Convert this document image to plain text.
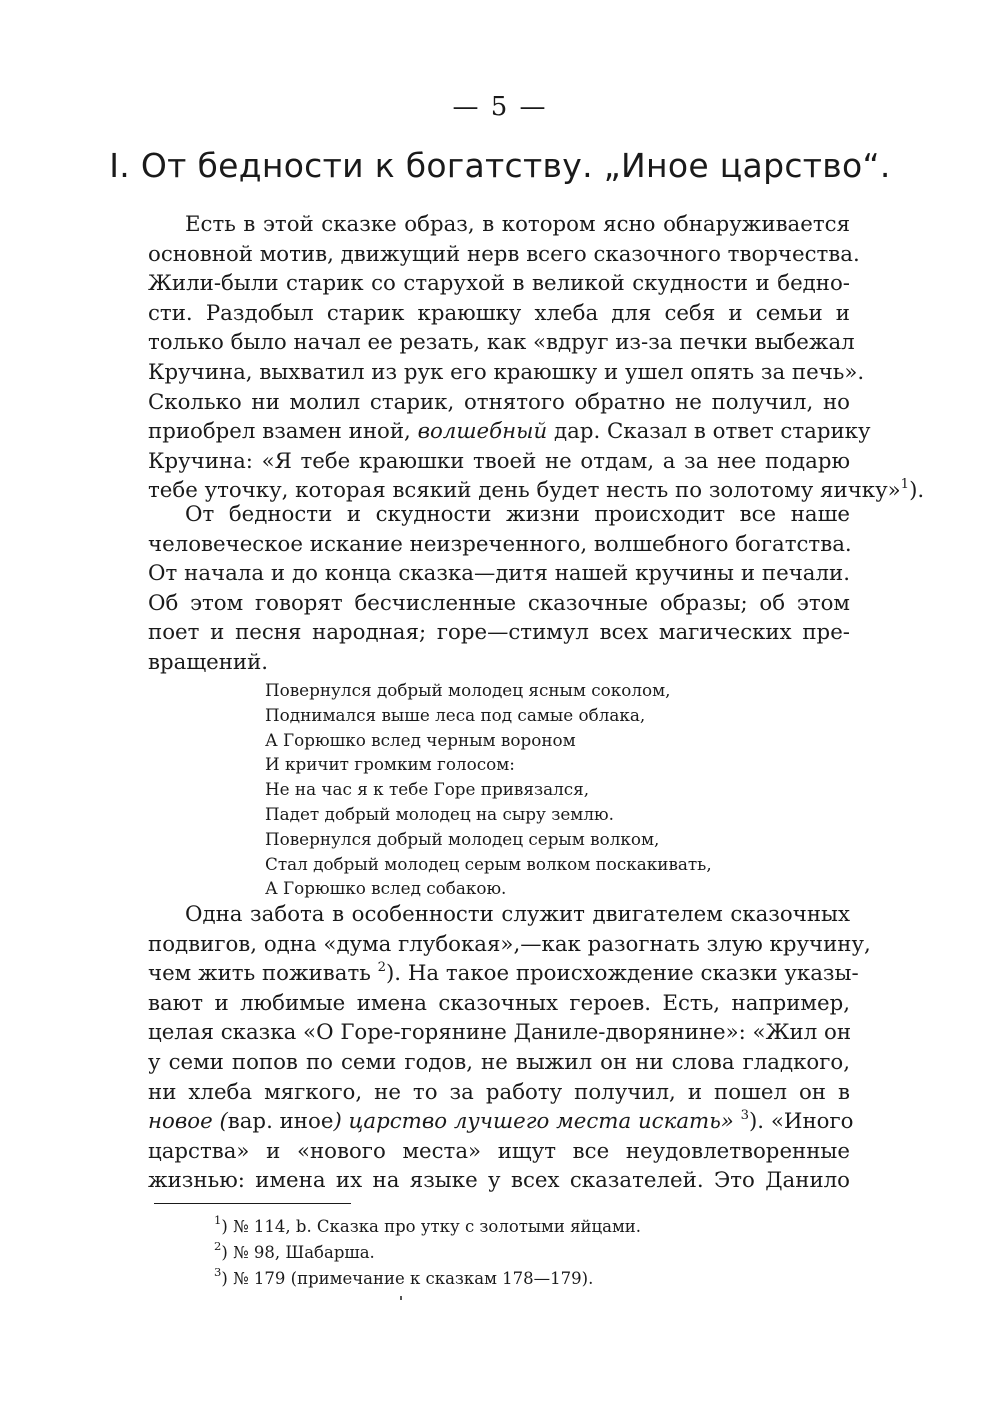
— 5 —
I. От бедности к богатству. „Иное царство“.
Есть в этой сказке образ, в котором ясно обнаруживается
основной мотив, движущий нерв всего сказочного творчества.
Жили-были старик со старухой в великой скудности и бедно-
сти. Раздобыл старик краюшку хлеба для себя и семьи и
только было начал ее резать, как «вдруг из-за печки выбежал
Кручина, выхватил из рук его краюшку и ушел опять за печь».
Сколько ни молил старик, отнятого обратно не получил, но
приобрел взамен иной, волшебный дар. Сказал в ответ старику
Кручина: «Я тебе краюшки твоей не отдам, а за нее подарю
тебе уточку, которая всякий день будет несть по золотому яичку»$^1$).
От бедности и скудности жизни происходит все наше
человеческое искание неизреченного, волшебного богатства.
От начала и до конца сказка—дитя нашей кручины и печали.
Об этом говорят бесчисленные сказочные образы; об этом
поет и песня народная; горе—стимул всех магических пре-
вращений.
Повернулся добрый молодец ясным соколом,
Поднимался выше леса под самые облака,
А Горюшко вслед черным вороном
И кричит громким голосом:
Не на час я к тебе Горе привязался,
Падет добрый молодец на сыру землю.
Повернулся добрый молодец серым волком,
Стал добрый молодец серым волком поскакивать,
А Горюшко вслед собакою.
Одна забота в особенности служит двигателем сказочных
подвигов, одна «дума глубокая»,—как разогнать злую кручину,
чем жить поживать $^2$). На такое происхождение сказки указы-
вают и любимые имена сказочных героев. Есть, например,
целая сказка «О Горе-горянине Даниле-дворянине»: «Жил он
у семи попов по семи годов, не выжил он ни слова гладкого,
ни хлеба мягкого, не то за работу получил, и пошел он в
новое (вар. иное) царство лучшего места искать» $^3$). «Иного
царства» и «нового места» ищут все неудовлетворенные
жизнью: имена их на языке у всех сказателей. Это Данило
$^1$) № 114, b. Сказка про утку с золотыми яйцами.
$^2$) № 98, Шабарша.
$^3$) № 179 (примечание к сказкам 178—179).
